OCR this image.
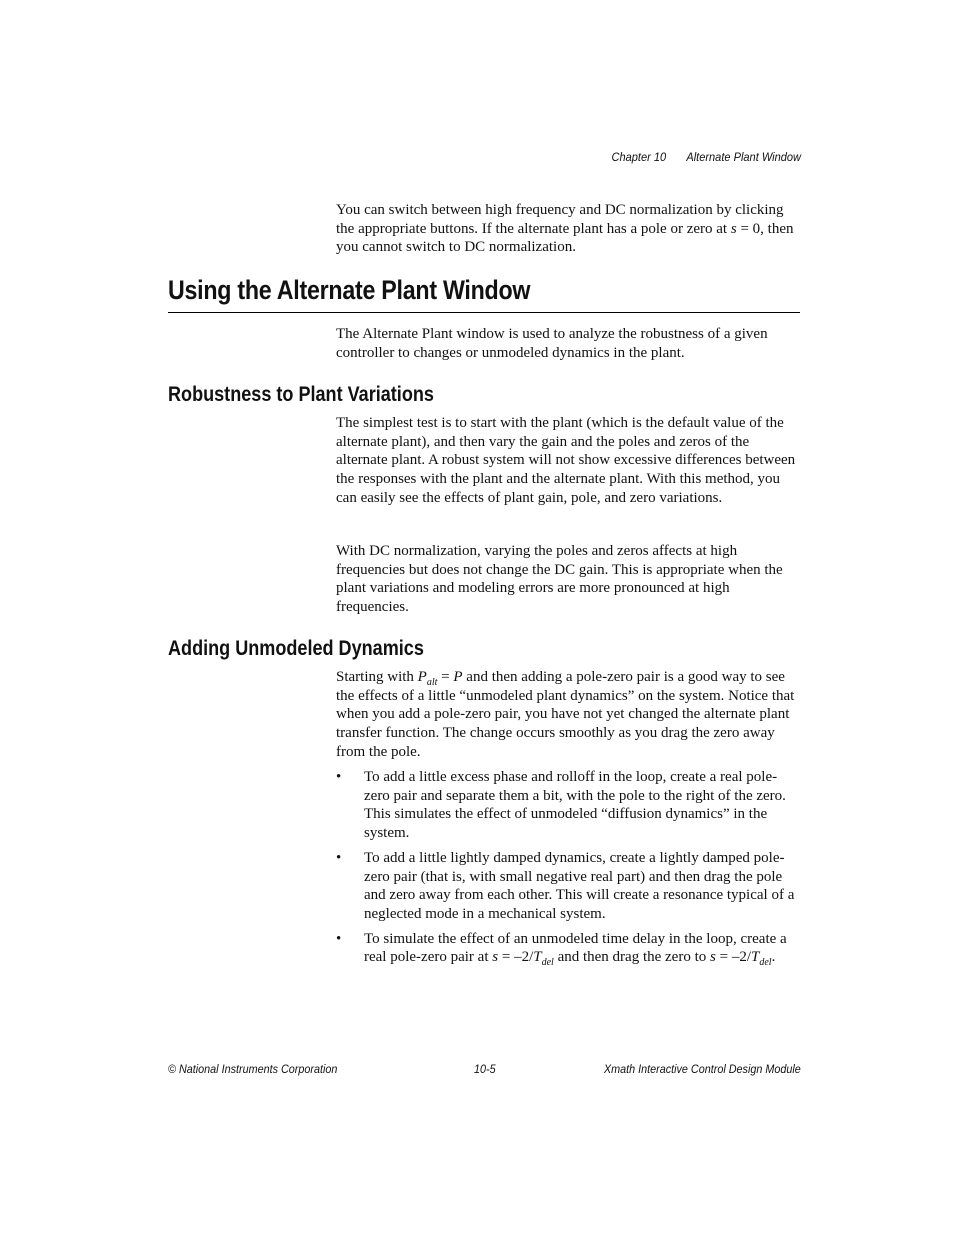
Chapter 10 Alternate Plant Window

You can switch between high frequency and DC normalization by clicking the appropriate buttons. If the alternate plant has a pole or zero at s = 0, then you cannot switch to DC normalization.

Using the Alternate Plant Window

The Alternate Plant window is used to analyze the robustness of a given controller to changes or unmodeled dynamics in the plant.

Robustness to Plant Variations

The simplest test is to start with the plant (which is the default value of the alternate plant), and then vary the gain and the poles and zeros of the alternate plant. A robust system will not show excessive differences between the responses with the plant and the alternate plant. With this method, you can easily see the effects of plant gain, pole, and zero variations.

With DC normalization, varying the poles and zeros affects at high frequencies but does not change the DC gain. This is appropriate when the plant variations and modeling errors are more pronounced at high frequencies.

Adding Unmodeled Dynamics

Starting with $P_{alt} = P$ and then adding a pole-zero pair is a good way to see the effects of a little “unmodeled plant dynamics” on the system. Notice that when you add a pole-zero pair, you have not yet changed the alternate plant transfer function. The change occurs smoothly as you drag the zero away from the pole.

• To add a little excess phase and rolloff in the loop, create a real pole-zero pair and separate them a bit, with the pole to the right of the zero. This simulates the effect of unmodeled “diffusion dynamics” in the system.
• To add a little lightly damped dynamics, create a lightly damped pole-zero pair (that is, with small negative real part) and then drag the pole and zero away from each other. This will create a resonance typical of a neglected mode in a mechanical system.
• To simulate the effect of an unmodeled time delay in the loop, create a real pole-zero pair at $s = -2/T_{del}$ and then drag the zero to $s = -2/T_{del}$.
© National Instruments Corporation	10-5	Xmath Interactive Control Design Module
